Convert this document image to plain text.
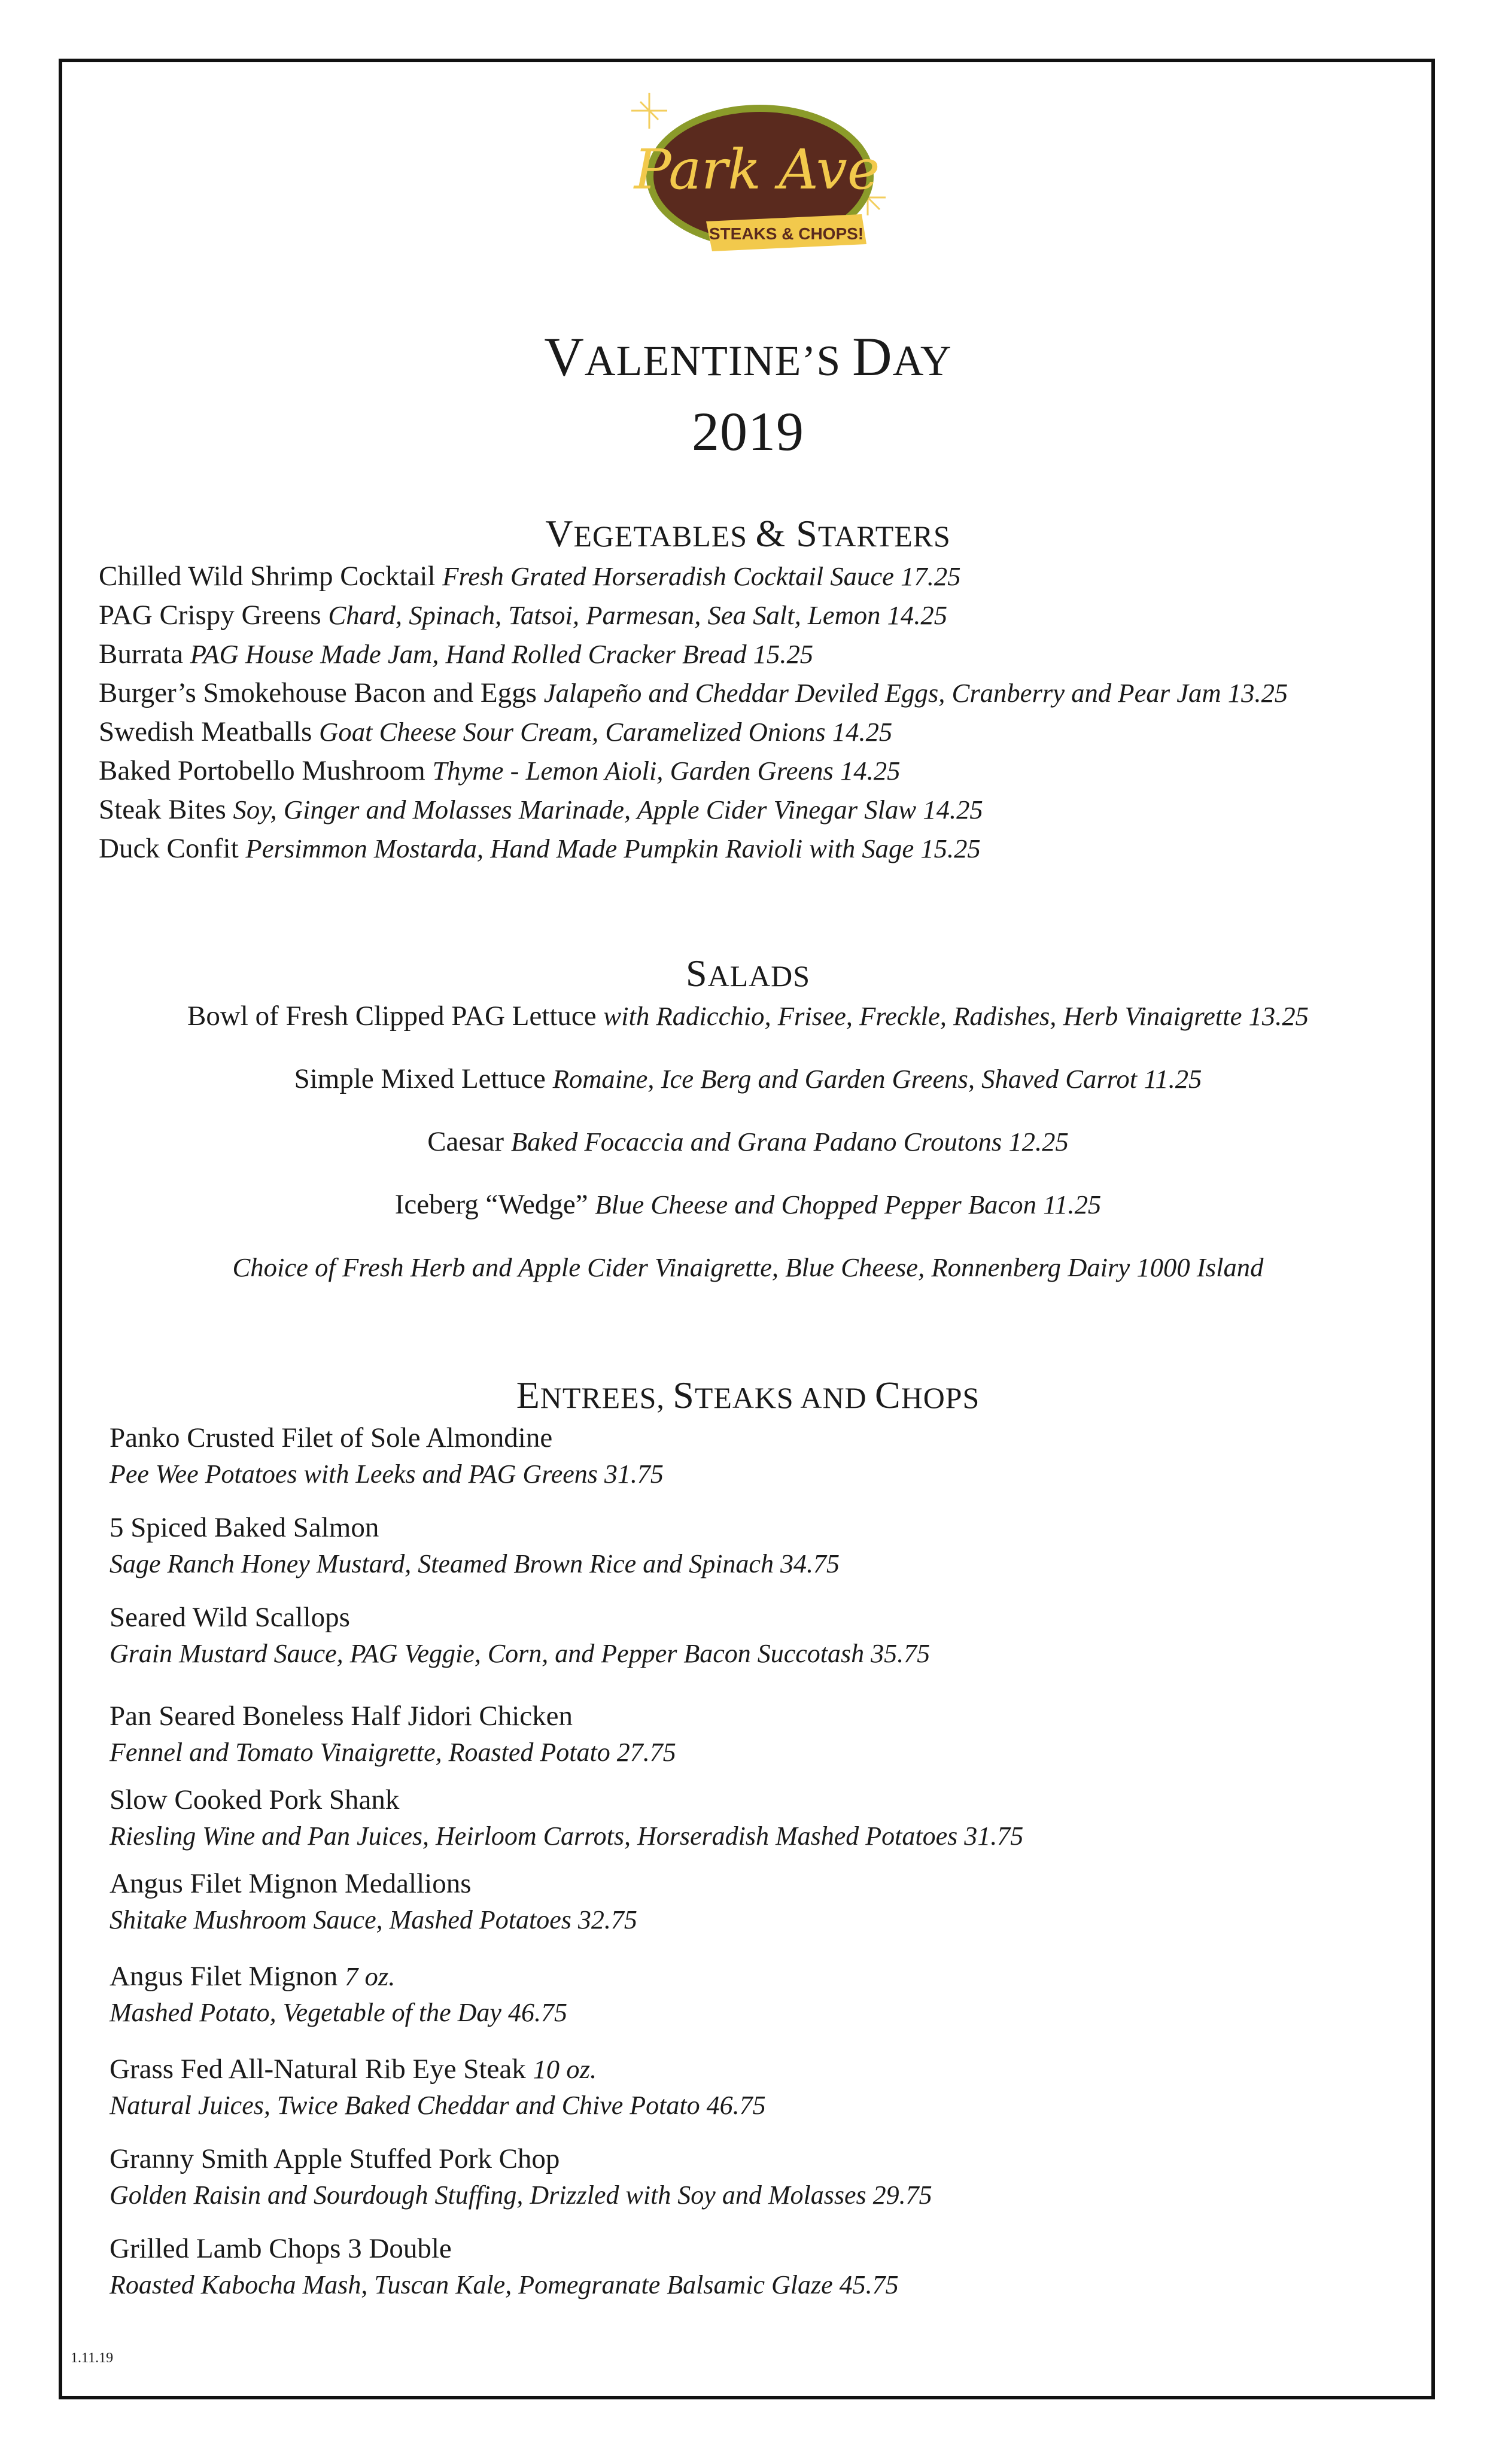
Park Ave
STEAKS & CHOPS!
VALENTINE’S DAY
2019
VEGETABLES & STARTERS
Chilled Wild Shrimp Cocktail Fresh Grated Horseradish Cocktail Sauce 17.25
PAG Crispy Greens Chard, Spinach, Tatsoi, Parmesan, Sea Salt, Lemon 14.25
Burrata PAG House Made Jam, Hand Rolled Cracker Bread 15.25
Burger’s Smokehouse Bacon and Eggs Jalapeño and Cheddar Deviled Eggs, Cranberry and Pear Jam 13.25
Swedish Meatballs Goat Cheese Sour Cream, Caramelized Onions 14.25
Baked Portobello Mushroom Thyme - Lemon Aioli, Garden Greens 14.25
Steak Bites Soy, Ginger and Molasses Marinade, Apple Cider Vinegar Slaw 14.25
Duck Confit Persimmon Mostarda, Hand Made Pumpkin Ravioli with Sage 15.25
SALADS
Bowl of Fresh Clipped PAG Lettuce with Radicchio, Frisee, Freckle, Radishes, Herb Vinaigrette 13.25
Simple Mixed Lettuce Romaine, Ice Berg and Garden Greens, Shaved Carrot 11.25
Caesar Baked Focaccia and Grana Padano Croutons 12.25
Iceberg “Wedge” Blue Cheese and Chopped Pepper Bacon 11.25
Choice of Fresh Herb and Apple Cider Vinaigrette, Blue Cheese, Ronnenberg Dairy 1000 Island
ENTREES, STEAKS AND CHOPS
Panko Crusted Filet of Sole Almondine
Pee Wee Potatoes with Leeks and PAG Greens 31.75
5 Spiced Baked Salmon
Sage Ranch Honey Mustard, Steamed Brown Rice and Spinach 34.75
Seared Wild Scallops
Grain Mustard Sauce, PAG Veggie, Corn, and Pepper Bacon Succotash 35.75
Pan Seared Boneless Half Jidori Chicken
Fennel and Tomato Vinaigrette, Roasted Potato 27.75
Slow Cooked Pork Shank
Riesling Wine and Pan Juices, Heirloom Carrots, Horseradish Mashed Potatoes 31.75
Angus Filet Mignon Medallions
Shitake Mushroom Sauce, Mashed Potatoes 32.75
Angus Filet Mignon 7 oz.
Mashed Potato, Vegetable of the Day 46.75
Grass Fed All-Natural Rib Eye Steak 10 oz.
Natural Juices, Twice Baked Cheddar and Chive Potato 46.75
Granny Smith Apple Stuffed Pork Chop
Golden Raisin and Sourdough Stuffing, Drizzled with Soy and Molasses 29.75
Grilled Lamb Chops 3 Double
Roasted Kabocha Mash, Tuscan Kale, Pomegranate Balsamic Glaze 45.75
1.11.19
